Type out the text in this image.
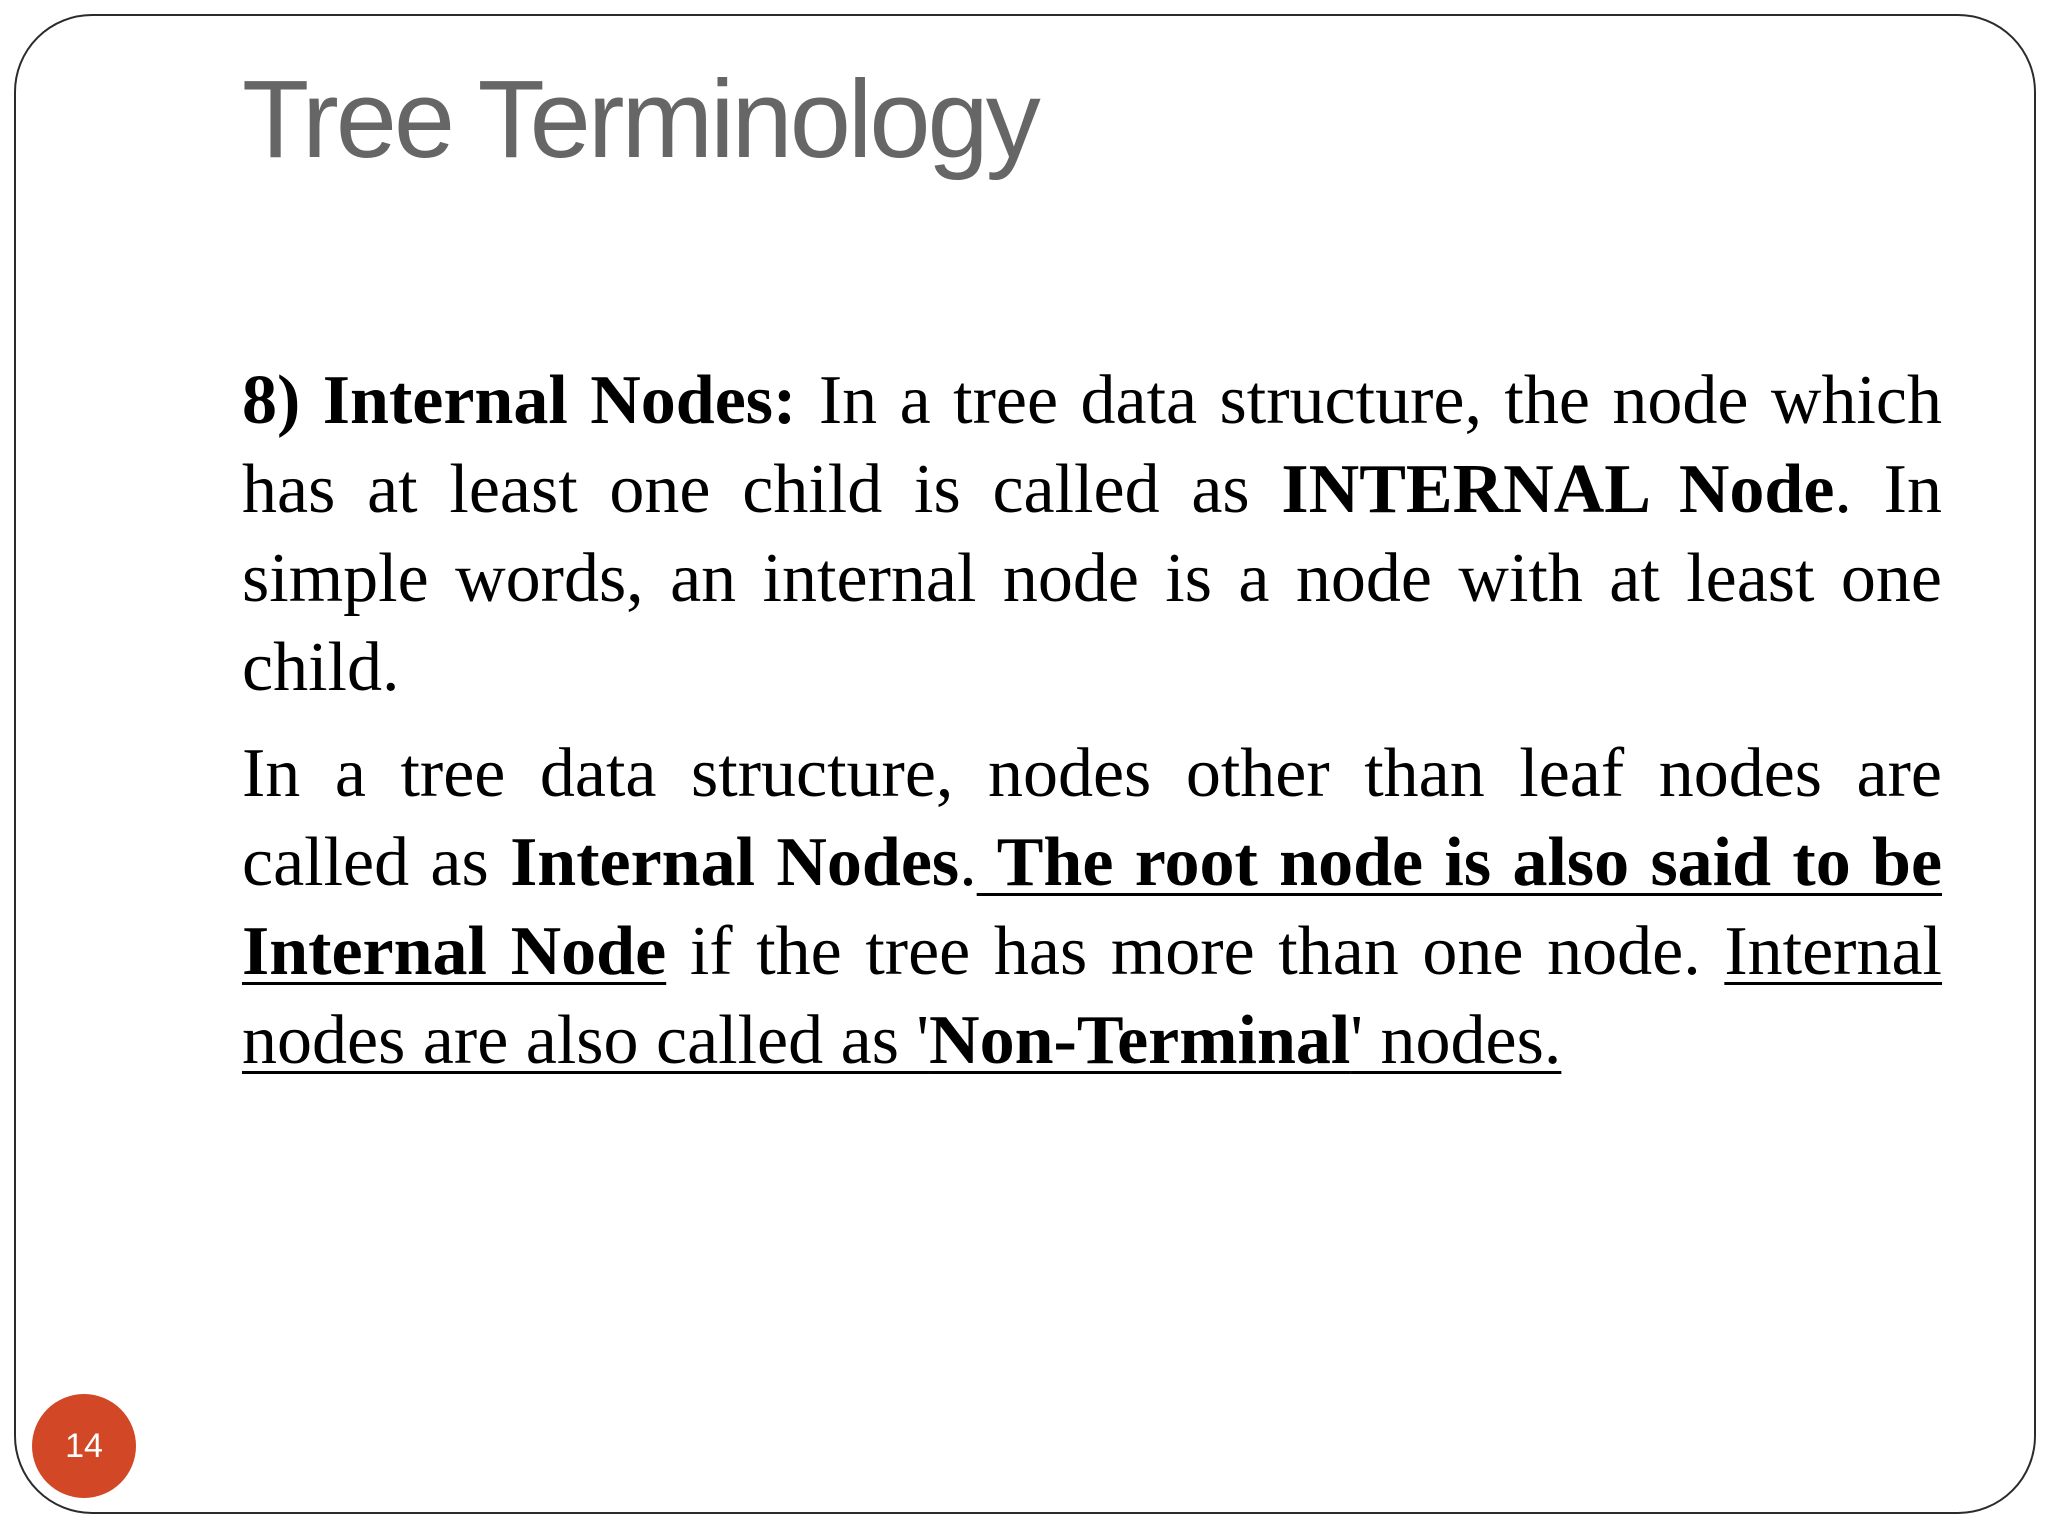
Tree Terminology

8) Internal Nodes: In a tree data structure, the node which has at least one child is called as INTERNAL Node. In simple words, an internal node is a node with at least one child.

In a tree data structure, nodes other than leaf nodes are called as Internal Nodes. The root node is also said to be Internal Node if the tree has more than one node. Internal nodes are also called as 'Non-Terminal' nodes.

14
